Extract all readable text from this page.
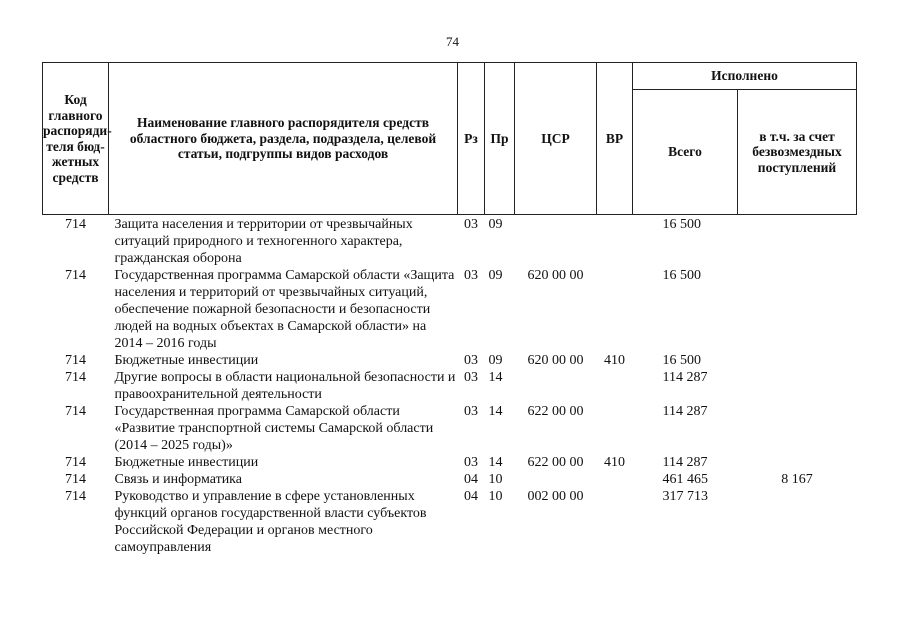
74
Код главного распоряди-теля бюд-жетных средств	Наименование главного распорядителя средств областного бюджета, раздела, подраздела, целевой статьи, подгруппы видов расходов	Рз	Пр	ЦСР	ВР	Исполнено	
						Всего	в т.ч. за счет безвозмездных поступлений
714	Защита населения и территории от чрезвычайных ситуаций природного и техногенного характера, гражданская оборона	03	09			16 500	
714	Государственная программа Самарской области «Защита населения и территорий от чрезвычайных ситуаций, обеспечение пожарной безопасности и безопасности людей на водных объектах в Самарской области» на 2014 – 2016 годы	03	09	620 00 00		16 500	
714	Бюджетные инвестиции	03	09	620 00 00	410	16 500	
714	Другие вопросы в области национальной безопасности и правоохранительной деятельности	03	14			114 287	
714	Государственная программа Самарской области «Развитие транспортной системы Самарской области (2014 – 2025 годы)»	03	14	622 00 00		114 287	
714	Бюджетные инвестиции	03	14	622 00 00	410	114 287	
714	Связь и информатика	04	10			461 465	8 167
714	Руководство и управление в сфере установленных функций органов государственной власти субъектов Российской Федерации и органов местного самоуправления	04	10	002 00 00		317 713	
